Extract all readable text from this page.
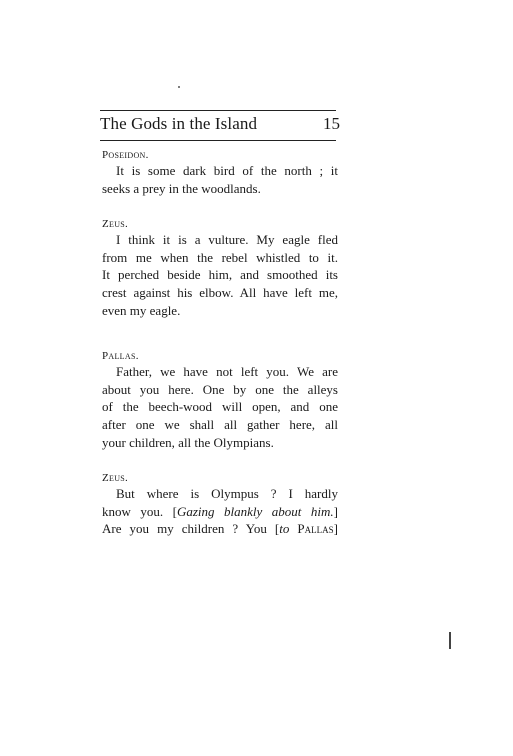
The Gods in the Island	15

Poseidon.

It is some dark bird of the north ; it
seeks a prey in the woodlands.

Zeus.

I think it is a vulture. My eagle fled
from me when the rebel whistled to it.
It perched beside him, and smoothed its
crest against his elbow. All have left me,
even my eagle.

Pallas.

Father, we have not left you. We are
about you here. One by one the alleys
of the beech-wood will open, and one
after one we shall all gather here, all
your children, all the Olympians.

Zeus.

But where is Olympus ? I hardly
know you. [Gazing blankly about him.]
Are you my children ? You [to Pallas]
